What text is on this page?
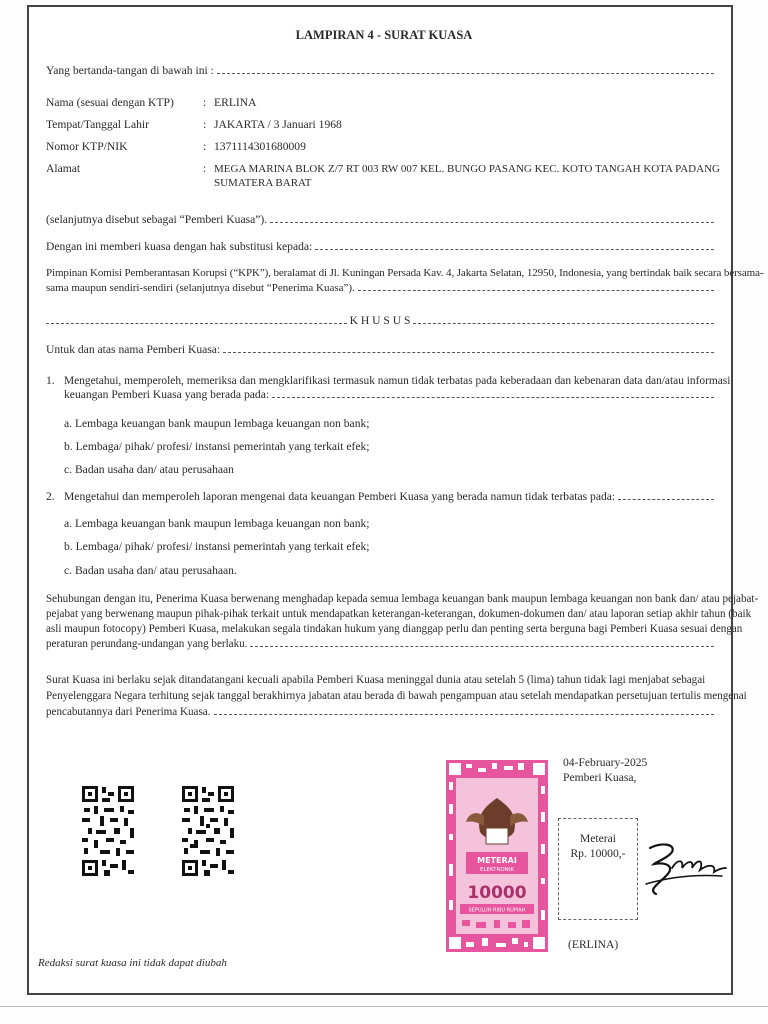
LAMPIRAN 4 - SURAT KUASA
Yang bertanda-tangan di bawah ini :
Nama (sesuai dengan KTP)	: ERLINA
Tempat/Tanggal Lahir	: JAKARTA / 3 Januari 1968
Nomor KTP/NIK	: 1371114301680009
Alamat	: MEGA MARINA BLOK Z/7 RT 003 RW 007 KEL. BUNGO PASANG KEC. KOTO TANGAH KOTA PADANG
SUMATERA BARAT
(selanjutnya disebut sebagai “Pemberi Kuasa”).
Dengan ini memberi kuasa dengan hak substitusi kepada:
Pimpinan Komisi Pemberantasan Korupsi (“KPK”), beralamat di Jl. Kuningan Persada Kav. 4, Jakarta Selatan, 12950, Indonesia, yang bertindak baik secara bersama-
sama maupun sendiri-sendiri (selanjutnya disebut “Penerima Kuasa”).
K H U S U S
Untuk dan atas nama Pemberi Kuasa:
1. Mengetahui, memperoleh, memeriksa dan mengklarifikasi termasuk namun tidak terbatas pada keberadaan dan kebenaran data dan/atau informasi
keuangan Pemberi Kuasa yang berada pada:
a. Lembaga keuangan bank maupun lembaga keuangan non bank;
b. Lembaga/ pihak/ profesi/ instansi pemerintah yang terkait efek;
c. Badan usaha dan/ atau perusahaan
2. Mengetahui dan memperoleh laporan mengenai data keuangan Pemberi Kuasa yang berada namun tidak terbatas pada:
a. Lembaga keuangan bank maupun lembaga keuangan non bank;
b. Lembaga/ pihak/ profesi/ instansi pemerintah yang terkait efek;
c. Badan usaha dan/ atau perusahaan.
Sehubungan dengan itu, Penerima Kuasa berwenang menghadap kepada semua lembaga keuangan bank maupun lembaga keuangan non bank dan/ atau pejabat-
pejabat yang berwenang maupun pihak-pihak terkait untuk mendapatkan keterangan-keterangan, dokumen-dokumen dan/ atau laporan setiap akhir tahun (baik
asli maupun fotocopy) Pemberi Kuasa, melakukan segala tindakan hukum yang dianggap perlu dan penting serta berguna bagi Pemberi Kuasa sesuai dengan
peraturan perundang-undangan yang berlaku.
Surat Kuasa ini berlaku sejak ditandatangani kecuali apabila Pemberi Kuasa meninggal dunia atau setelah 5 (lima) tahun tidak lagi menjabat sebagai
Penyelenggara Negara terhitung sejak tanggal berakhirnya jabatan atau berada di bawah pengampuan atau setelah mendapatkan persetujuan tertulis mengenai
pencabutannya dari Penerima Kuasa.
04-February-2025
Pemberi Kuasa,
METERAI
ELEKTRONIK
10000
SEPULUH RIBU RUPIAH
Meterai
Rp. 10000,-
(ERLINA)
Redaksi surat kuasa ini tidak dapat diubah
